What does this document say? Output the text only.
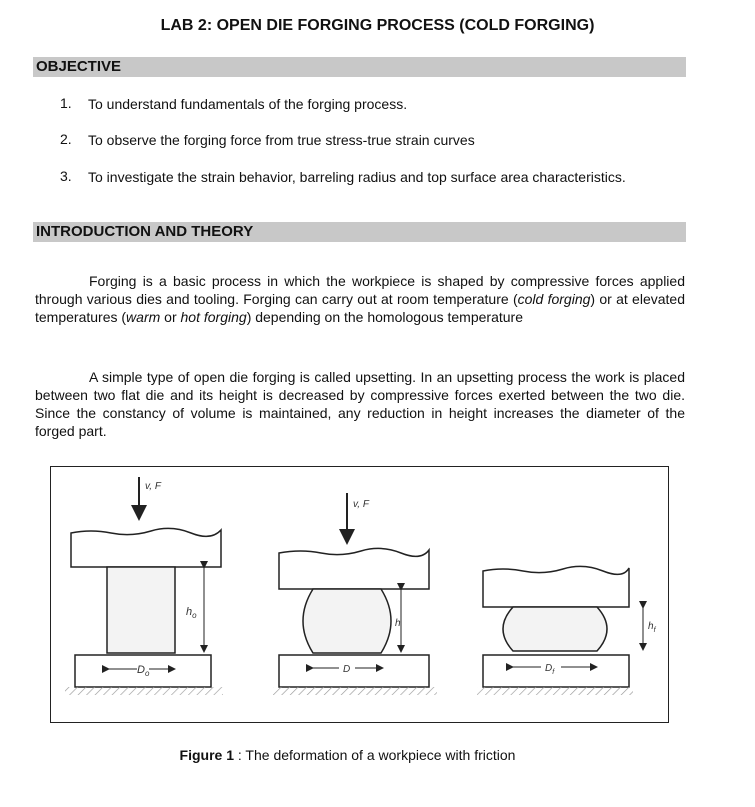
LAB 2: OPEN DIE FORGING PROCESS (COLD FORGING)
OBJECTIVE
1. To understand fundamentals of the forging process.
2. To observe the forging force from true stress-true strain curves
3. To investigate the strain behavior, barreling radius and top surface area characteristics.
INTRODUCTION AND THEORY

Forging is a basic process in which the workpiece is shaped by compressive forces applied through various dies and tooling. Forging can carry out at room temperature (cold forging) or at elevated temperatures (warm or hot forging) depending on the homologous temperature

A simple type of open die forging is called upsetting. In an upsetting process the work is placed between two flat die and its height is decreased by compressive forces exerted between the two die. Since the constancy of volume is maintained, any reduction in height increases the diameter of the forged part.

v, F
$h_o$
$D_o$
v, F
h
D
$h_f$
$D_f$
Figure 1 : The deformation of a workpiece with friction
